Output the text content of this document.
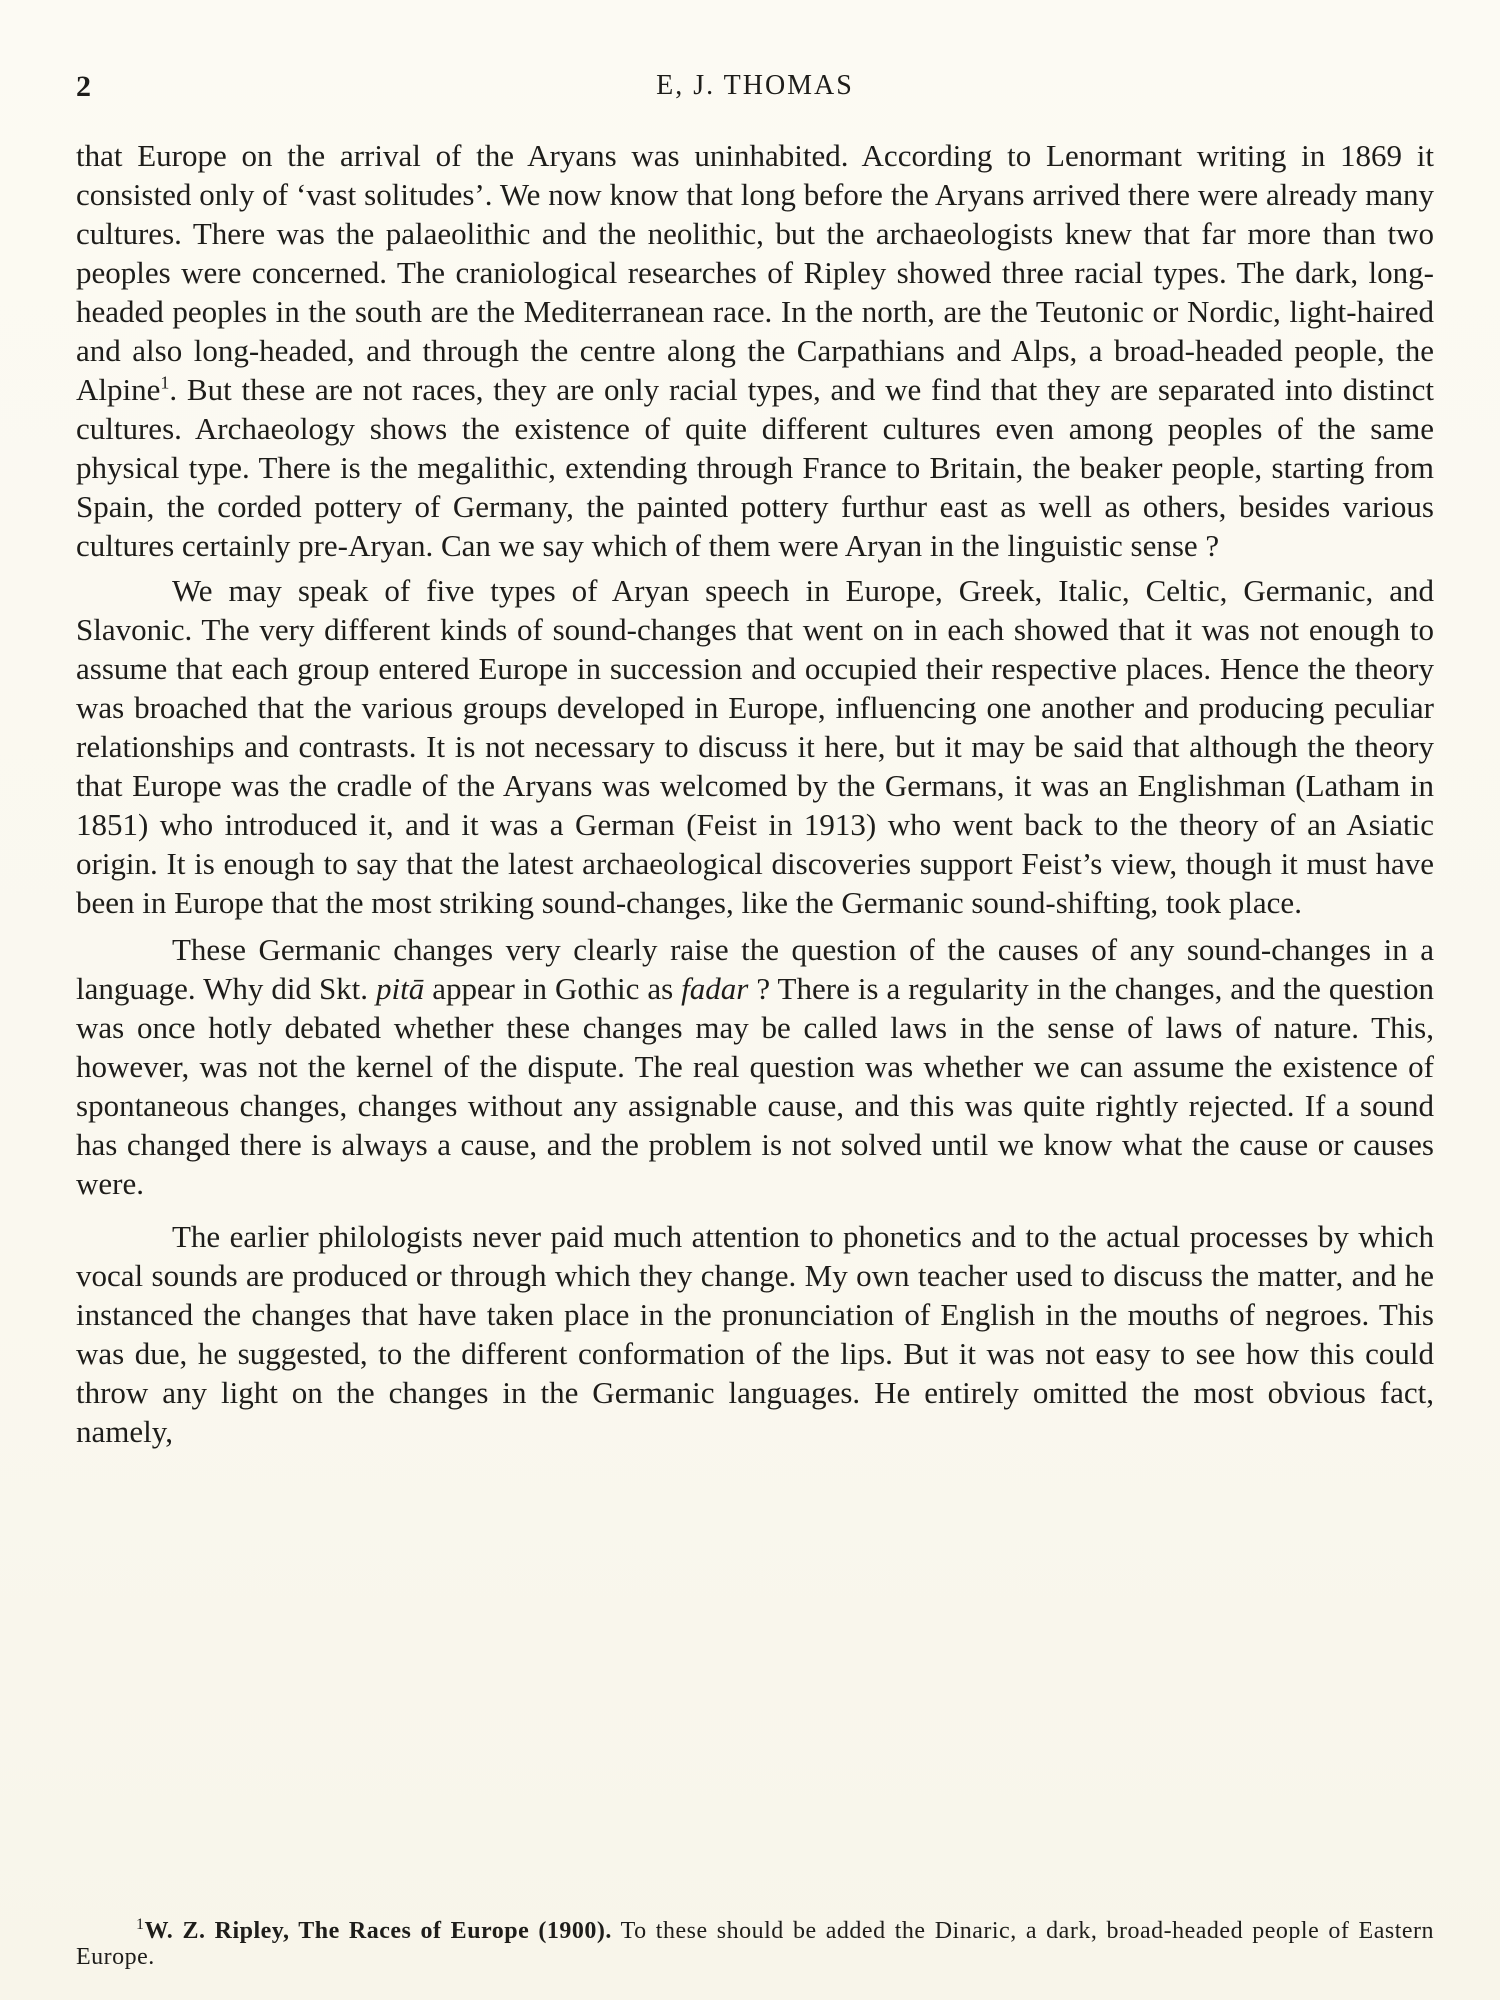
2	E, J. THOMAS

that Europe on the arrival of the Aryans was uninhabited. According to Lenormant writing in 1869 it consisted only of ‘vast solitudes’. We now know that long before the Aryans arrived there were already many cultures. There was the palaeolithic and the neolithic, but the archaeologists knew that far more than two peoples were concerned. The craniological researches of Ripley showed three racial types. The dark, long-headed peoples in the south are the Mediterranean race. In the north, are the Teutonic or Nordic, light-haired and also long-headed, and through the centre along the Carpathians and Alps, a broad-headed people, the Alpine$^1$. But these are not races, they are only racial types, and we find that they are separated into distinct cultures. Archaeology shows the existence of quite different cultures even among peoples of the same physical type. There is the megalithic, extending through France to Britain, the beaker people, starting from Spain, the corded pottery of Germany, the painted pottery furthur east as well as others, besides various cultures certainly pre-Aryan. Can we say which of them were Aryan in the linguistic sense ?

We may speak of five types of Aryan speech in Europe, Greek, Italic, Celtic, Germanic, and Slavonic. The very different kinds of sound-changes that went on in each showed that it was not enough to assume that each group entered Europe in succession and occupied their respective places. Hence the theory was broached that the various groups developed in Europe, influencing one another and producing peculiar relationships and contrasts. It is not necessary to discuss it here, but it may be said that although the theory that Europe was the cradle of the Aryans was welcomed by the Germans, it was an Englishman (Latham in 1851) who introduced it, and it was a German (Feist in 1913) who went back to the theory of an Asiatic origin. It is enough to say that the latest archaeological discoveries support Feist’s view, though it must have been in Europe that the most striking sound-changes, like the Germanic sound-shifting, took place.

These Germanic changes very clearly raise the question of the causes of any sound-changes in a language. Why did Skt. pitā appear in Gothic as fadar ? There is a regularity in the changes, and the question was once hotly debated whether these changes may be called laws in the sense of laws of nature. This, however, was not the kernel of the dispute. The real question was whether we can assume the existence of spontaneous changes, changes without any assignable cause, and this was quite rightly rejected. If a sound has changed there is always a cause, and the problem is not solved until we know what the cause or causes were.

The earlier philologists never paid much attention to phonetics and to the actual processes by which vocal sounds are produced or through which they change. My own teacher used to discuss the matter, and he instanced the changes that have taken place in the pronunciation of English in the mouths of negroes. This was due, he suggested, to the different conformation of the lips. But it was not easy to see how this could throw any light on the changes in the Germanic languages. He entirely omitted the most obvious fact, namely,

$^1$W. Z. Ripley, The Races of Europe (1900). To these should be added the Dinaric, a dark, broad-headed people of Eastern Europe.
